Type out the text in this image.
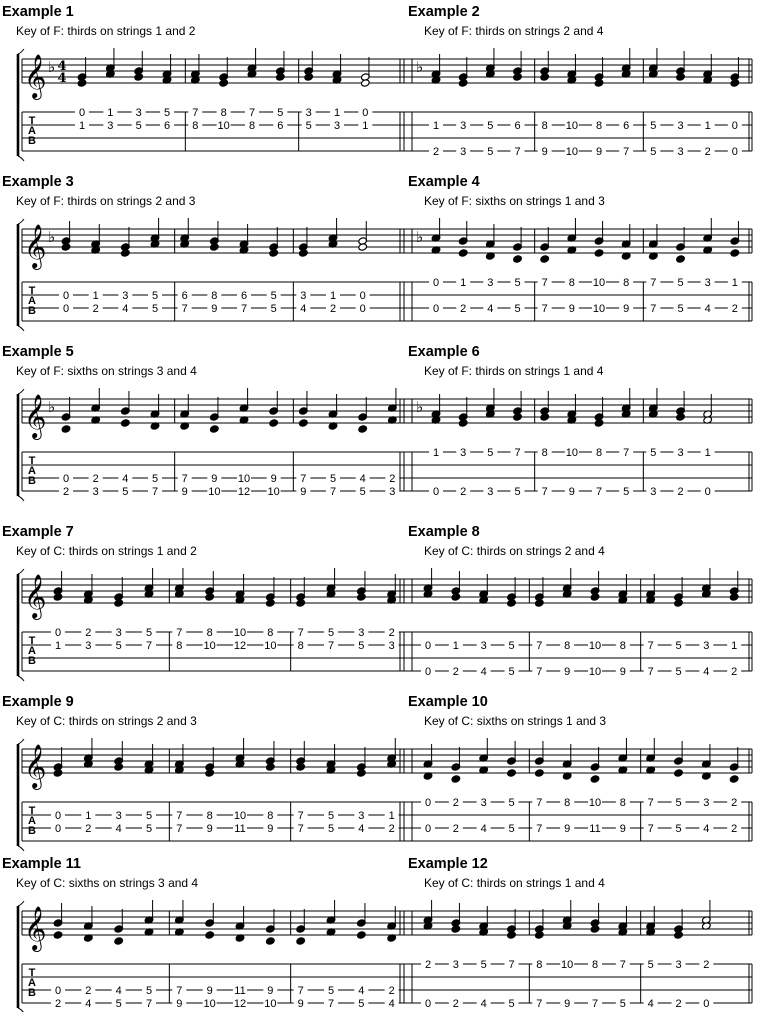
𝄞
T
A
B
♭ 4
4
0
1
1
3
3
5
5
6
7
8
8
10
7
8
5
6
3
5
1
3
0
1
♭
1
2
3
3
5
5
6
7
8
9
10
10
8
9
6
7
5
5
3
3
1
2
0
0
𝄞
T
A
B
♭
0
0
1
2
3
4
5
5
6
7
8
9
6
7
5
5
3
4
1
2
0
0
♭
0
0
1
2
3
4
5
5
7
7
8
9
10
10
8
9
7
7
5
5
3
4
1
2
𝄞
T
A
B
♭
0
2
2
3
4
5
5
7
7
9
9
10
10
12
9
10
7
9
5
7
4
5
2
3
♭
1
0
3
2
5
3
7
5
8
7
10
9
8
7
7
5
5
3
3
2
1
0
𝄞
T
A
B
0
1
2
3
3
5
5
7
7
8
8
10
10
12
8
10
7
8
5
7
3
5
2
3	0
0
1
2
3
4
5
5
7
7
8
9
10
10
8
9
7
7
5
5
3
4
1
2
𝄞
T
A
B
0
0
1
2
3
4
5
5
7
7
8
9
10
11
8
9
7
7
5
5
3
4
1
2
0
0
2
2
3
4
5
5
7
7
8
9
10
11
8
9
7
7
5
5
3
4
2
2
𝄞
T
A
B 0
2
2
4
4
5
5
7
7
9
9
10
11
12
9
10
7
9
5
7
4
5
2
4
2
0
3
2
5
4
7
5
8
7
10
9
8
7
7
5
5
4
3
2
2
0
Example 1
Key of F: thirds on strings 1 and 2
Example 2
Key of F: thirds on strings 2 and 4
Example 3
Key of F: thirds on strings 2 and 3
Example 4
Key of F: sixths on strings 1 and 3
Example 5
Key of F: sixths on strings 3 and 4
Example 6
Key of F: thirds on strings 1 and 4
Example 7
Key of C: thirds on strings 1 and 2
Example 8
Key of C: thirds on strings 2 and 4
Example 9
Key of C: thirds on strings 2 and 3
Example 10
Key of C: sixths on strings 1 and 3
Example 11
Key of C: sixths on strings 3 and 4
Example 12
Key of C: thirds on strings 1 and 4
